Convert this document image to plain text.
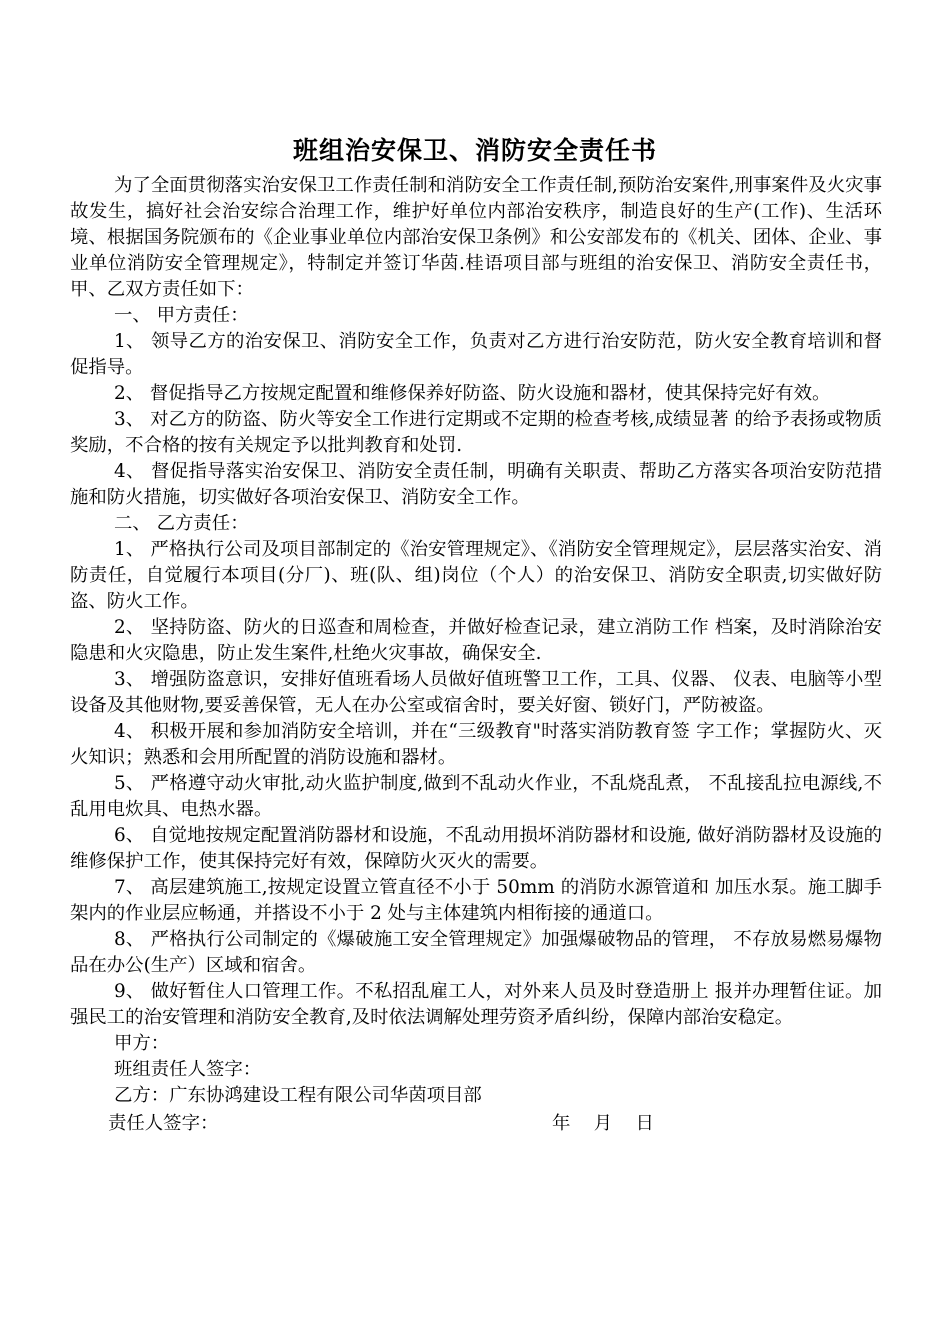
班组治安保卫、消防安全责任书

为了全面贯彻落实治安保卫工作责任制和消防安全工作责任制,预防治安案件,刑事案件及火灾事故发生，搞好社会治安综合治理工作，维护好单位内部治安秩序，制造良好的生产(工作)、生活环境、根据国务院颁布的《企业事业单位内部治安保卫条例》和公安部发布的《机关、团体、企业、事业单位消防安全管理规定》，特制定并签订华茵.桂语项目部与班组的治安保卫、消防安全责任书，甲、乙双方责任如下：

一、 甲方责任：

1、 领导乙方的治安保卫、消防安全工作，负责对乙方进行治安防范，防火安全教育培训和督促指导。

2、 督促指导乙方按规定配置和维修保养好防盗、防火设施和器材，使其保持完好有效。

3、 对乙方的防盗、防火等安全工作进行定期或不定期的检查考核,成绩显著 的给予表扬或物质奖励，不合格的按有关规定予以批判教育和处罚.

4、 督促指导落实治安保卫、消防安全责任制，明确有关职责、帮助乙方落实各项治安防范措施和防火措施，切实做好各项治安保卫、消防安全工作。

二、 乙方责任：

1、 严格执行公司及项目部制定的《治安管理规定》、《消防安全管理规定》，层层落实治安、消防责任，自觉履行本项目(分厂)、班(队、组)岗位（个人）的治安保卫、消防安全职责,切实做好防盗、防火工作。

2、 坚持防盗、防火的日巡查和周检查，并做好检查记录，建立消防工作 档案，及时消除治安隐患和火灾隐患，防止发生案件,杜绝火灾事故，确保安全.

3、 增强防盗意识，安排好值班看场人员做好值班警卫工作，工具、仪器、 仪表、电脑等小型设备及其他财物,要妥善保管，无人在办公室或宿舍时，要关好窗、锁好门，严防被盗。

4、 积极开展和参加消防安全培训，并在“三级教育"时落实消防教育签 字工作；掌握防火、灭火知识；熟悉和会用所配置的消防设施和器材。

5、 严格遵守动火审批,动火监护制度,做到不乱动火作业，不乱烧乱煮， 不乱接乱拉电源线,不乱用电炊具、电热水器。

6、 自觉地按规定配置消防器材和设施，不乱动用损坏消防器材和设施, 做好消防器材及设施的维修保护工作，使其保持完好有效，保障防火灭火的需要。

7、 高层建筑施工,按规定设置立管直径不小于 50mm 的消防水源管道和 加压水泵。施工脚手架内的作业层应畅通，并搭设不小于 2 处与主体建筑内相衔接的通道口。

8、 严格执行公司制定的《爆破施工安全管理规定》加强爆破物品的管理， 不存放易燃易爆物品在办公(生产）区域和宿舍。

9、 做好暂住人口管理工作。不私招乱雇工人，对外来人员及时登造册上 报并办理暂住证。加强民工的治安管理和消防安全教育,及时依法调解处理劳资矛盾纠纷，保障内部治安稳定。

甲方：

班组责任人签字：

乙方：广东协鸿建设工程有限公司华茵项目部

责任人签字：	年    月    日
